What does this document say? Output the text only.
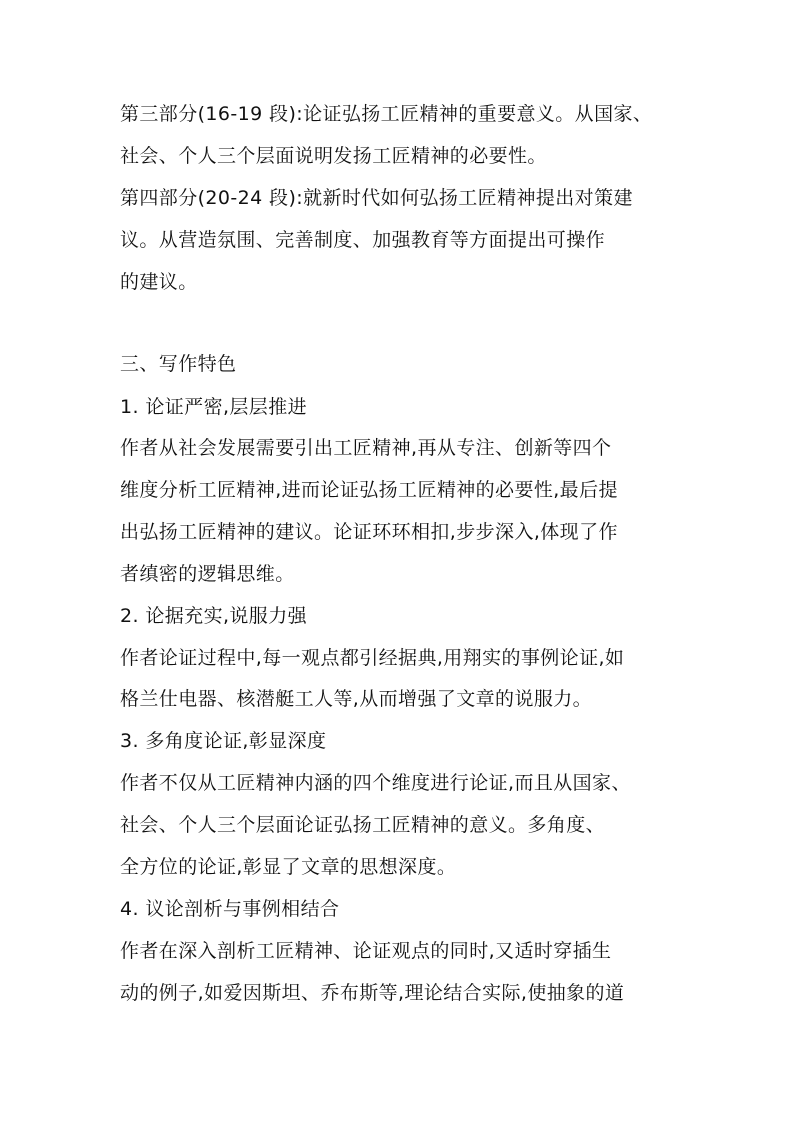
第三部分(16-19 段):论证弘扬工匠精神的重要意义。从国家、
社会、个人三个层面说明发扬工匠精神的必要性。
第四部分(20-24 段):就新时代如何弘扬工匠精神提出对策建
议。从营造氛围、完善制度、加强教育等方面提出可操作
的建议。
三、写作特色
1. 论证严密,层层推进
作者从社会发展需要引出工匠精神,再从专注、创新等四个
维度分析工匠精神,进而论证弘扬工匠精神的必要性,最后提
出弘扬工匠精神的建议。论证环环相扣,步步深入,体现了作
者缜密的逻辑思维。
2. 论据充实,说服力强
作者论证过程中,每一观点都引经据典,用翔实的事例论证,如
格兰仕电器、核潜艇工人等,从而增强了文章的说服力。
3. 多角度论证,彰显深度
作者不仅从工匠精神内涵的四个维度进行论证,而且从国家、
社会、个人三个层面论证弘扬工匠精神的意义。多角度、
全方位的论证,彰显了文章的思想深度。
4. 议论剖析与事例相结合
作者在深入剖析工匠精神、论证观点的同时,又适时穿插生
动的例子,如爱因斯坦、乔布斯等,理论结合实际,使抽象的道
